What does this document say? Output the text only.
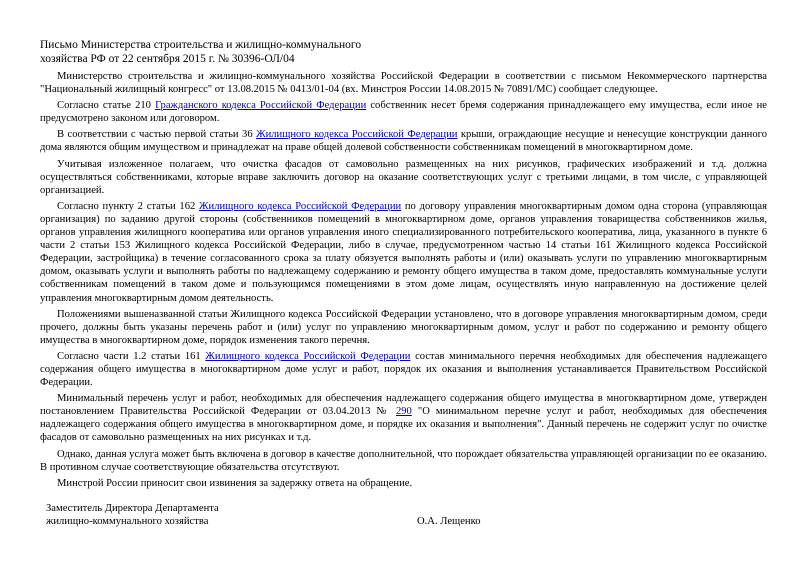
Письмо Министерства строительства и жилищно-коммунального
хозяйства РФ от 22 сентября 2015 г. № 30396-ОЛ/04

Министерство строительства и жилищно-коммунального хозяйства Российской Федерации в соответствии с письмом Некоммерческого партнерства "Национальный жилищный конгресс" от 13.08.2015 № 0413/01-04 (вх. Минстроя России 14.08.2015 № 70891/МС) сообщает следующее.

Согласно статье 210 Гражданского кодекса Российской Федерации собственник несет бремя содержания принадлежащего ему имущества, если иное не предусмотрено законом или договором.

В соответствии с частью первой статьи 36 Жилищного кодекса Российской Федерации крыши, ограждающие несущие и ненесущие конструкции данного дома являются общим имуществом и принадлежат на праве общей долевой собственности собственникам помещений в многоквартирном доме.

Учитывая изложенное полагаем, что очистка фасадов от самовольно размещенных на них рисунков, графических изображений и т.д. должна осуществляться собственниками, которые вправе заключить договор на оказание соответствующих услуг с третьими лицами, в том числе, с управляющей организацией.

Согласно пункту 2 статьи 162 Жилищного кодекса Российской Федерации по договору управления многоквартирным домом одна сторона (управляющая организация) по заданию другой стороны (собственников помещений в многоквартирном доме, органов управления товарищества собственников жилья, органов управления жилищного кооператива или органов управления иного специализированного потребительского кооператива, лица, указанного в пункте 6 части 2 статьи 153 Жилищного кодекса Российской Федерации, либо в случае, предусмотренном частью 14 статьи 161 Жилищного кодекса Российской Федерации, застройщика) в течение согласованного срока за плату обязуется выполнять работы и (или) оказывать услуги по управлению многоквартирным домом, оказывать услуги и выполнять работы по надлежащему содержанию и ремонту общего имущества в таком доме, предоставлять коммунальные услуги собственникам помещений в таком доме и пользующимся помещениями в этом доме лицам, осуществлять иную направленную на достижение целей управления многоквартирным домом деятельность.

Положениями вышеназванной статьи Жилищного кодекса Российской Федерации установлено, что в договоре управления многоквартирным домом, среди прочего, должны быть указаны перечень работ и (или) услуг по управлению многоквартирным домом, услуг и работ по содержанию и ремонту общего имущества в многоквартирном доме, порядок изменения такого перечня.

Согласно части 1.2 статьи 161 Жилищного кодекса Российской Федерации состав минимального перечня необходимых для обеспечения надлежащего содержания общего имущества в многоквартирном доме услуг и работ, порядок их оказания и выполнения устанавливается Правительством Российской Федерации.

Минимальный перечень услуг и работ, необходимых для обеспечения надлежащего содержания общего имущества в многоквартирном доме, утвержден постановлением Правительства Российской Федерации от 03.04.2013 № 290 "О минимальном перечне услуг и работ, необходимых для обеспечения надлежащего содержания общего имущества в многоквартирном доме, и порядке их оказания и выполнения". Данный перечень не содержит услуг по очистке фасадов от самовольно размещенных на них рисунках и т.д.

Однако, данная услуга может быть включена в договор в качестве дополнительной, что порождает обязательства управляющей организации по ее оказанию. В противном случае соответствующие обязательства отсутствуют.

Минстрой России приносит свои извинения за задержку ответа на обращение.

Заместитель Директора Департамента
жилищно-коммунального хозяйства	О.А. Лещенко
